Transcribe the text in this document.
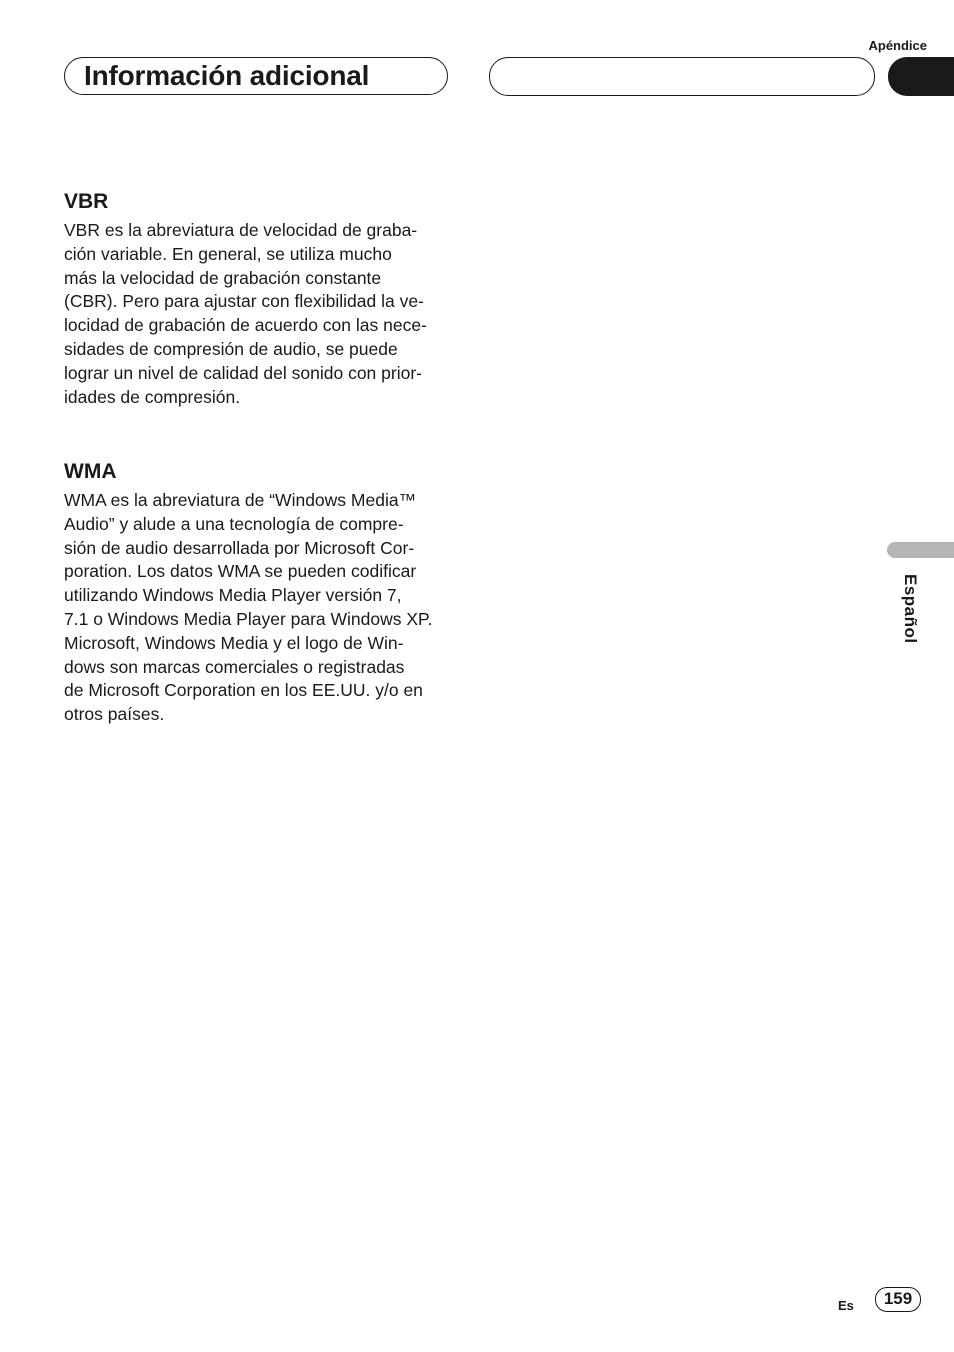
Apéndice
Información adicional
Español
VBR

VBR es la abreviatura de velocidad de graba-
ción variable. En general, se utiliza mucho
más la velocidad de grabación constante
(CBR). Pero para ajustar con flexibilidad la ve-
locidad de grabación de acuerdo con las nece-
sidades de compresión de audio, se puede
lograr un nivel de calidad del sonido con prior-
idades de compresión.

WMA

WMA es la abreviatura de “Windows Media™
Audio” y alude a una tecnología de compre-
sión de audio desarrollada por Microsoft Cor-
poration. Los datos WMA se pueden codificar
utilizando Windows Media Player versión 7,
7.1 o Windows Media Player para Windows XP.
Microsoft, Windows Media y el logo de Win-
dows son marcas comerciales o registradas
de Microsoft Corporation en los EE.UU. y/o en
otros países.

Es	159
